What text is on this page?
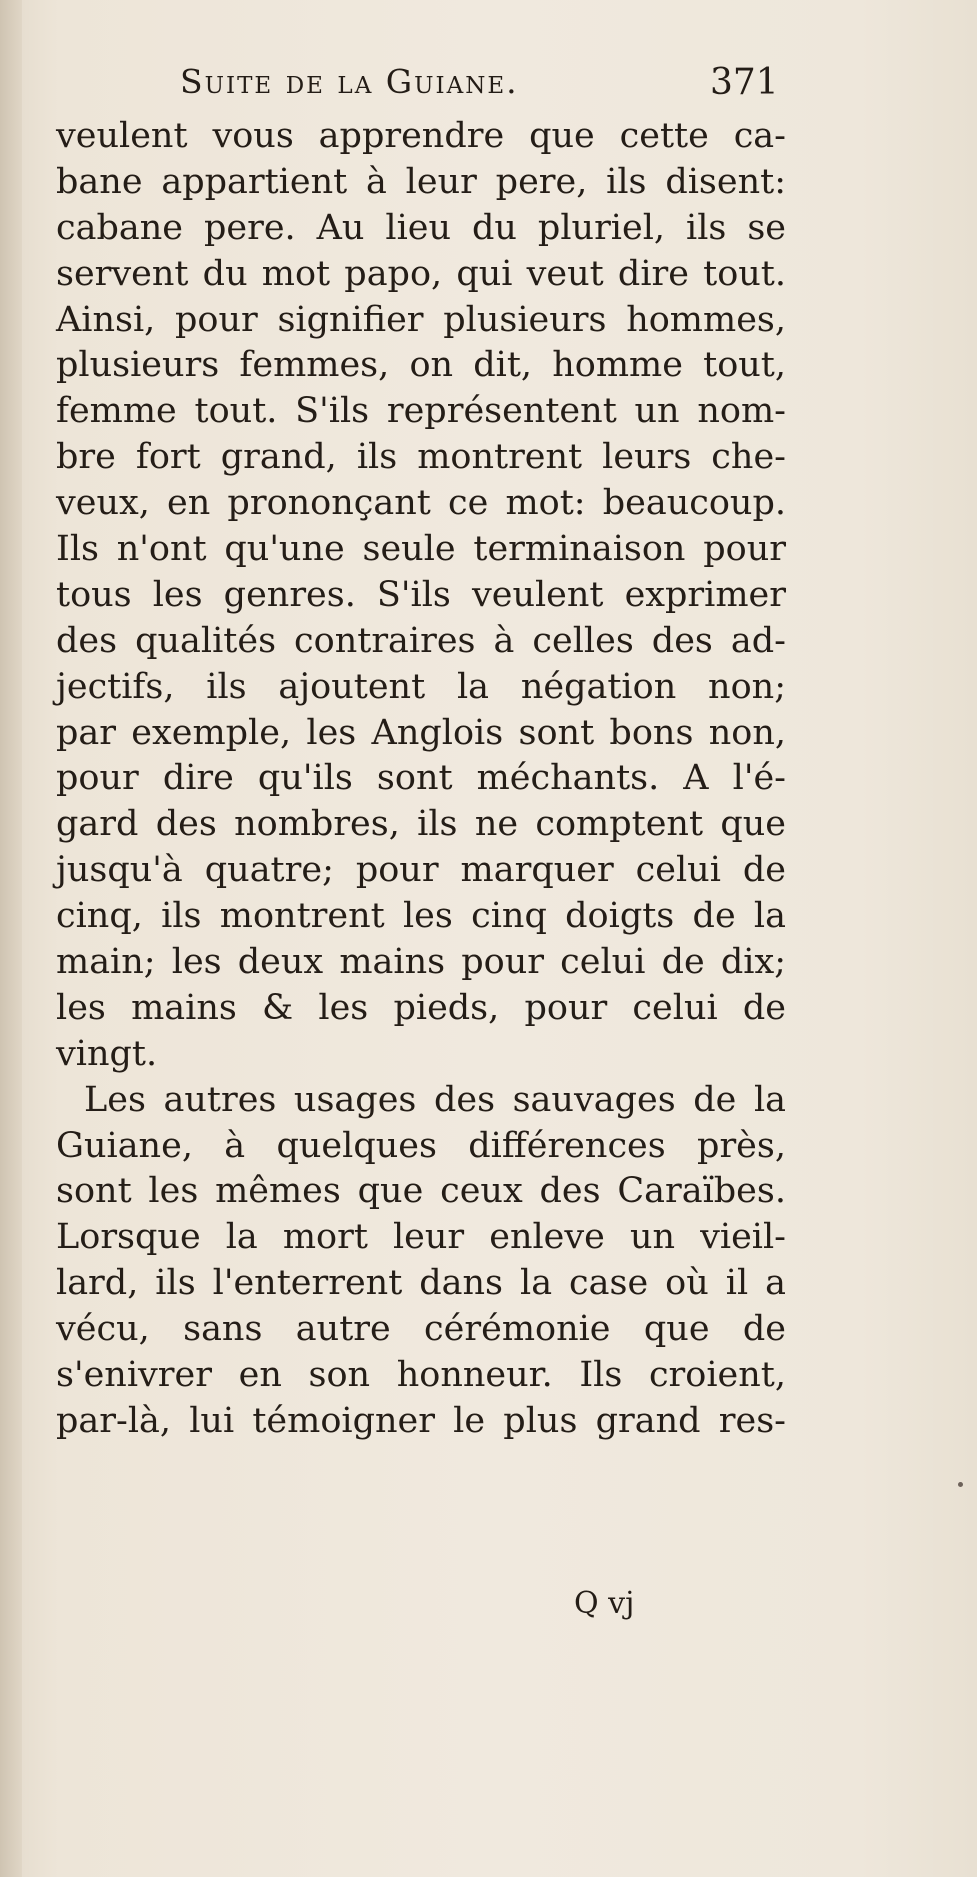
Suite de la Guiane.	371
veulent vous apprendre que cette ca-
bane appartient à leur pere, ils disent:
cabane pere. Au lieu du pluriel, ils se
servent du mot papo, qui veut dire tout.
Ainsi, pour signifier plusieurs hommes,
plusieurs femmes, on dit, homme tout,
femme tout. S'ils représentent un nom-
bre fort grand, ils montrent leurs che-
veux, en prononçant ce mot: beaucoup.
Ils n'ont qu'une seule terminaison pour
tous les genres. S'ils veulent exprimer
des qualités contraires à celles des ad-
jectifs, ils ajoutent la négation non;
par exemple, les Anglois sont bons non,
pour dire qu'ils sont méchants. A l'é-
gard des nombres, ils ne comptent que
jusqu'à quatre; pour marquer celui de
cinq, ils montrent les cinq doigts de la
main; les deux mains pour celui de dix;
les mains & les pieds, pour celui de
vingt.
Les autres usages des sauvages de la
Guiane, à quelques différences près,
sont les mêmes que ceux des Caraïbes.
Lorsque la mort leur enleve un vieil-
lard, ils l'enterrent dans la case où il a
vécu, sans autre cérémonie que de
s'enivrer en son honneur. Ils croient,
par-là, lui témoigner le plus grand res-
Q vj
